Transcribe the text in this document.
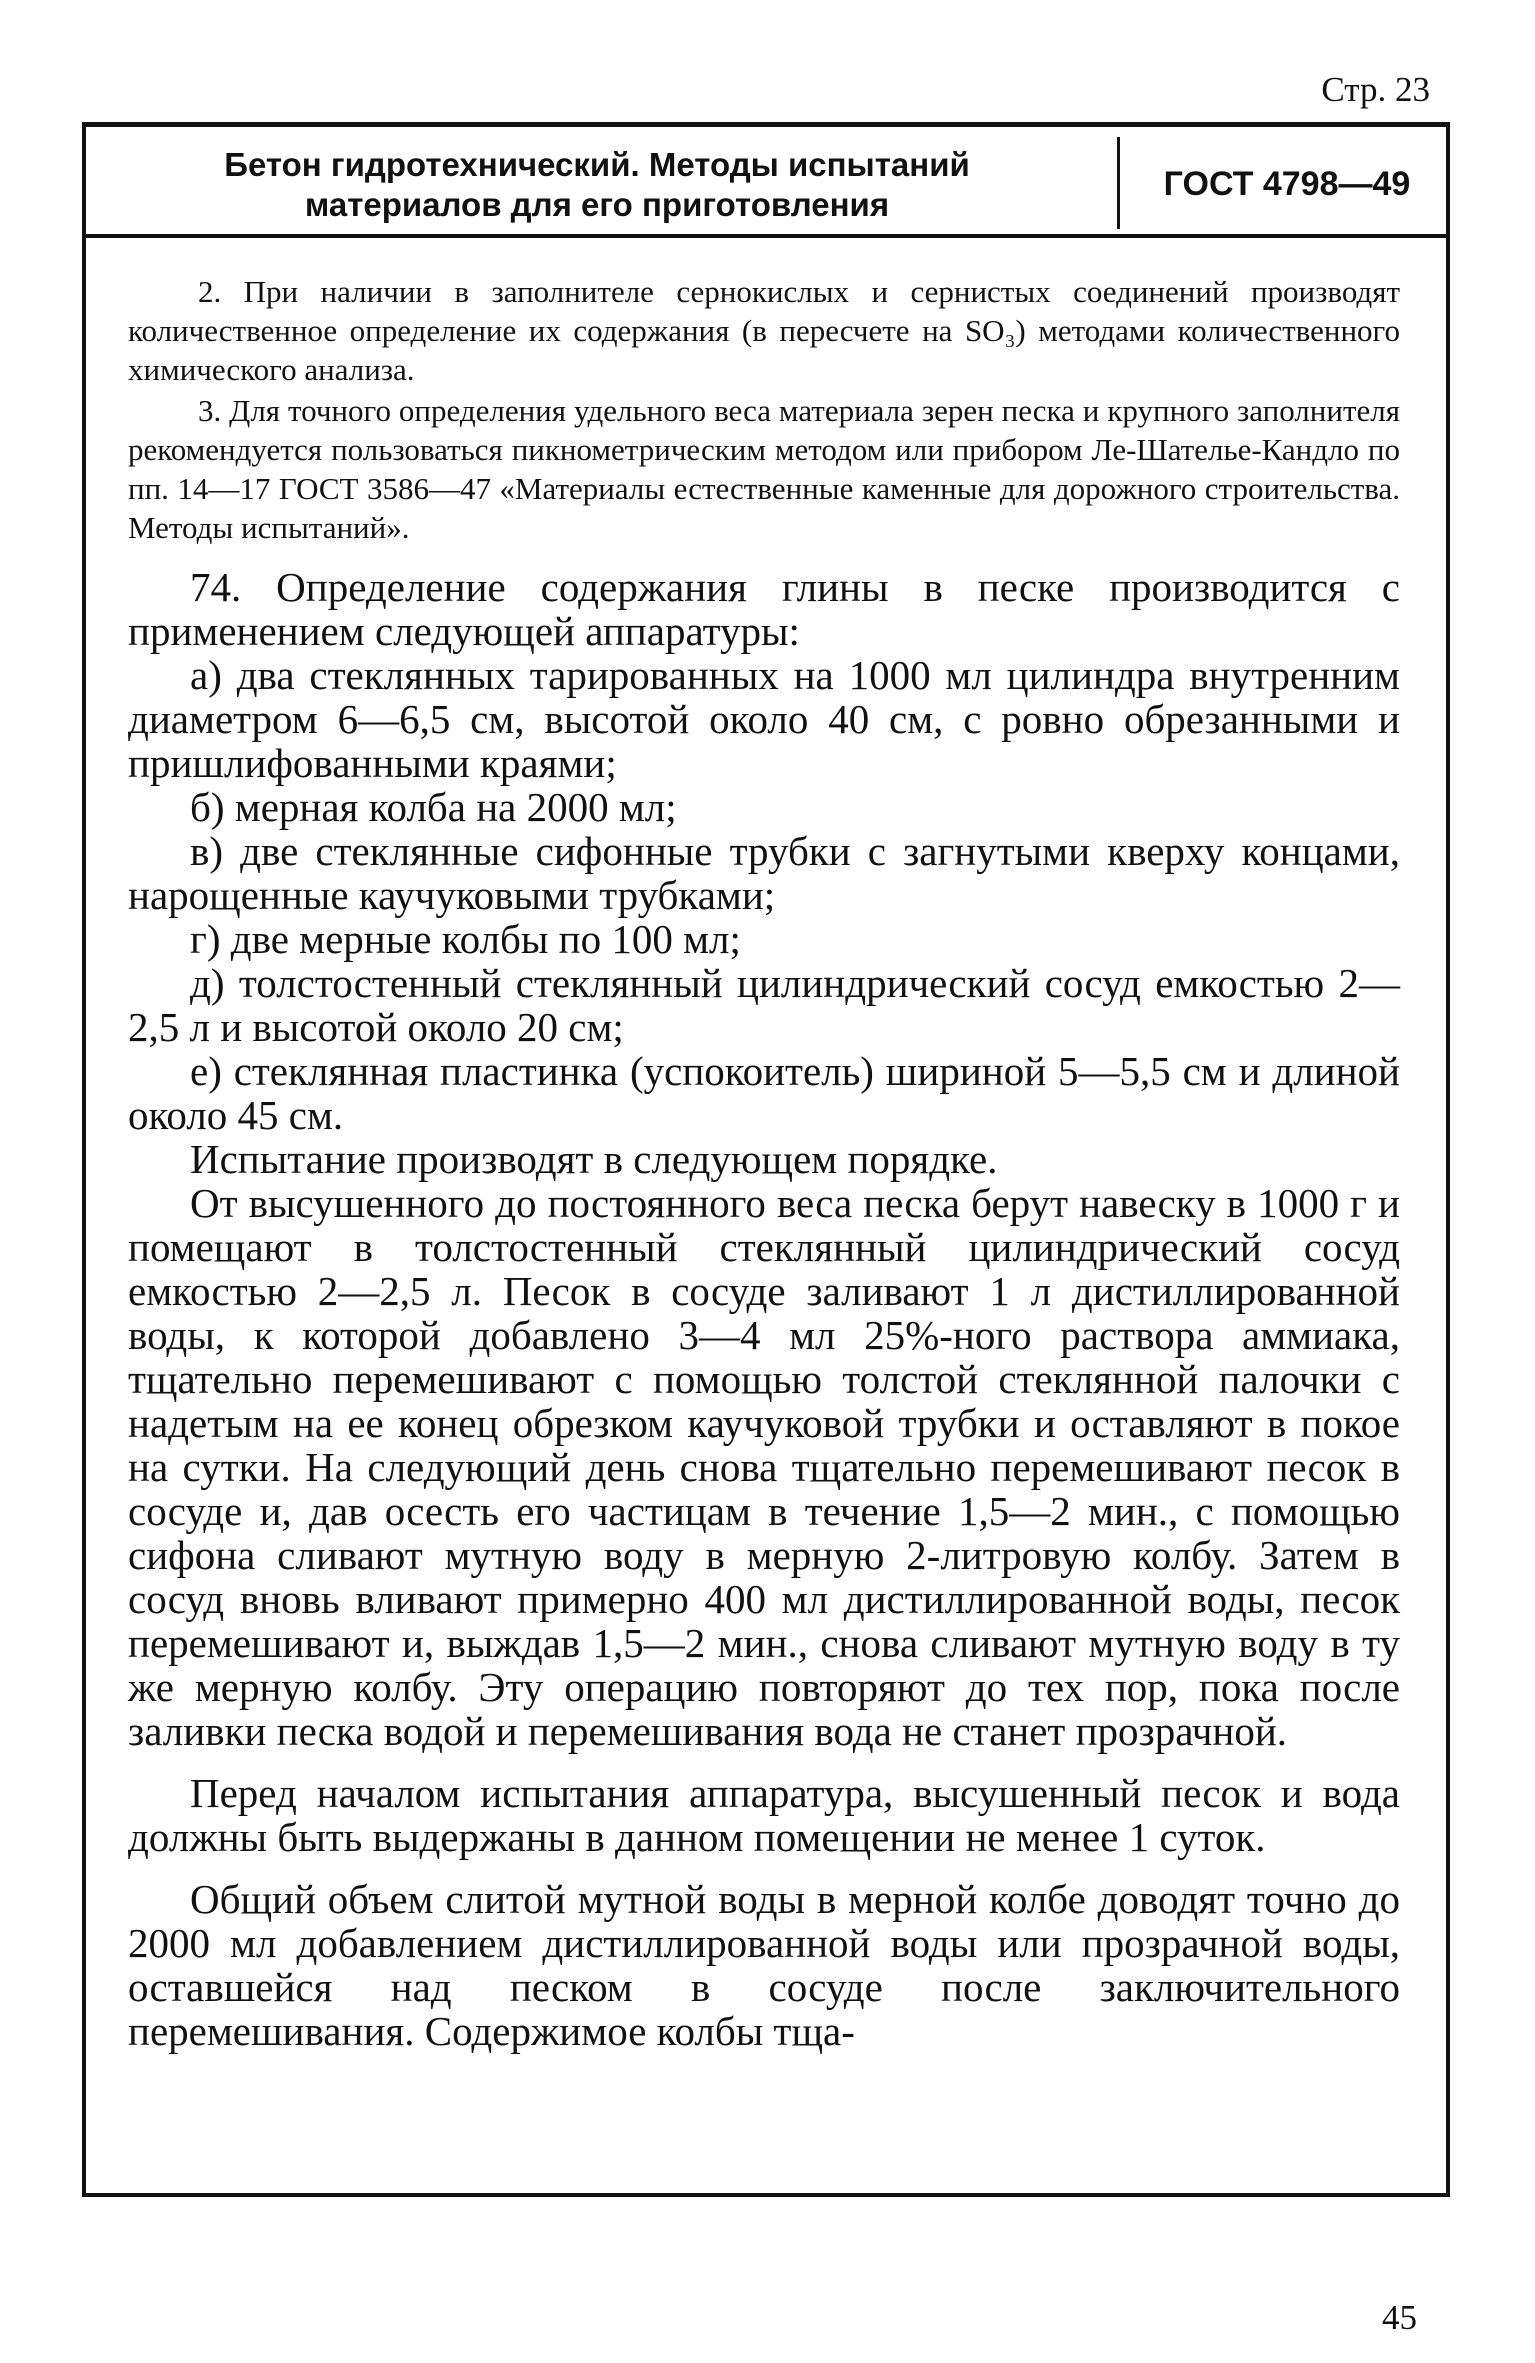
Стр. 23
Бетон гидротехнический. Методы испытаний
материалов для его приготовления
ГОСТ 4798—49

2. При наличии в заполнителе сернокислых и сернистых соединений производят количественное определение их содержания (в пересчете на SO₃) методами количественного химического анализа.

3. Для точного определения удельного веса материала зерен песка и крупного заполнителя рекомендуется пользоваться пикнометрическим методом или прибором Ле-Шателье-Кандло по пп. 14—17 ГОСТ 3586—47 «Материалы естественные каменные для дорожного строительства. Методы испытаний».

74. Определение содержания глины в песке производится с применением следующей аппаратуры:

а) два стеклянных тарированных на 1000 мл цилиндра внутренним диаметром 6—6,5 см, высотой около 40 см, с ровно обрезанными и пришлифованными краями;

б) мерная колба на 2000 мл;

в) две стеклянные сифонные трубки с загнутыми кверху концами, нарощенные каучуковыми трубками;

г) две мерные колбы по 100 мл;

д) толстостенный стеклянный цилиндрический сосуд емкостью 2—2,5 л и высотой около 20 см;

е) стеклянная пластинка (успокоитель) шириной 5—5,5 см и длиной около 45 см.

Испытание производят в следующем порядке.

От высушенного до постоянного веса песка берут навеску в 1000 г и помещают в толстостенный стеклянный цилиндрический сосуд емкостью 2—2,5 л. Песок в сосуде заливают 1 л дистиллированной воды, к которой добавлено 3—4 мл 25%-ного раствора аммиака, тщательно перемешивают с помощью толстой стеклянной палочки с надетым на ее конец обрезком каучуковой трубки и оставляют в покое на сутки. На следующий день снова тщательно перемешивают песок в сосуде и, дав осесть его частицам в течение 1,5—2 мин., с помощью сифона сливают мутную воду в мерную 2-литровую колбу. Затем в сосуд вновь вливают примерно 400 мл дистиллированной воды, песок перемешивают и, выждав 1,5—2 мин., снова сливают мутную воду в ту же мерную колбу. Эту операцию повторяют до тех пор, пока после заливки песка водой и перемешивания вода не станет прозрачной.

Перед началом испытания аппаратура, высушенный песок и вода должны быть выдержаны в данном помещении не менее 1 суток.

Общий объем слитой мутной воды в мерной колбе доводят точно до 2000 мл добавлением дистиллированной воды или прозрачной воды, оставшейся над песком в сосуде после заключительного перемешивания. Содержимое колбы тща-

45
